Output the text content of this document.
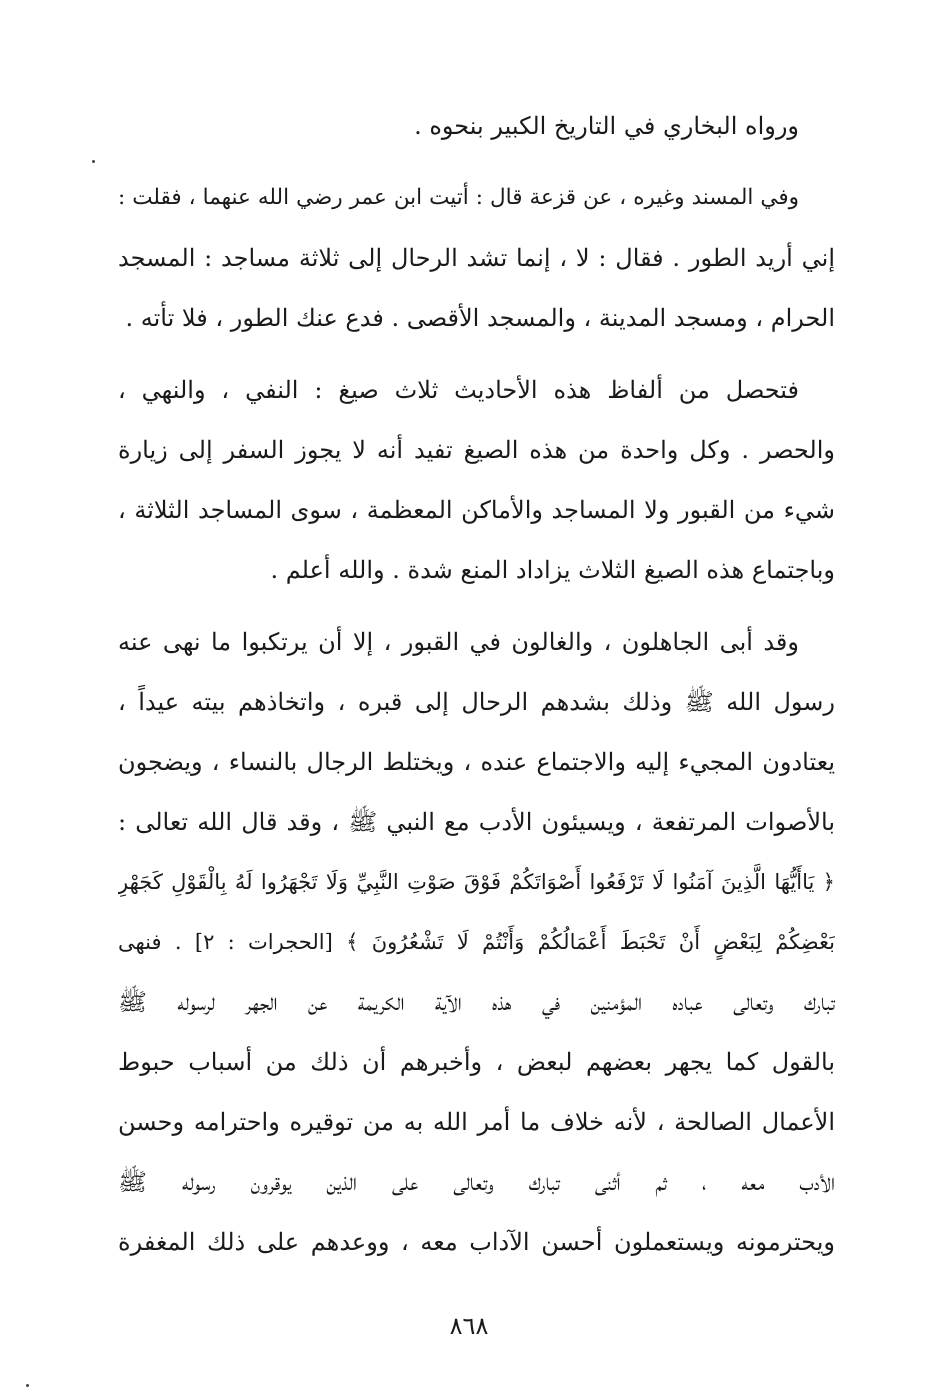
ورواه البخاري في التاريخ الكبير بنحوه .

وفي المسند وغيره ، عن قزعة قال : أتيت ابن عمر رضي الله عنهما ، فقلت :
إني أريد الطور . فقال : لا ، إنما تشد الرحال إلى ثلاثة مساجد : المسجد
الحرام ، ومسجد المدينة ، والمسجد الأقصى . فدع عنك الطور ، فلا تأته .

فتحصل من ألفاظ هذه الأحاديث ثلاث صيغ : النفي ، والنهي ،
والحصر . وكل واحدة من هذه الصيغ تفيد أنه لا يجوز السفر إلى زيارة
شيء من القبور ولا المساجد والأماكن المعظمة ، سوى المساجد الثلاثة ،
وباجتماع هذه الصيغ الثلاث يزاداد المنع شدة . والله أعلم .

وقد أبى الجاهلون ، والغالون في القبور ، إلا أن يرتكبوا ما نهى عنه
رسول الله ﷺ وذلك بشدهم الرحال إلى قبره ، واتخاذهم بيته عيداً ،
يعتادون المجيء إليه والاجتماع عنده ، ويختلط الرجال بالنساء ، ويضجون
بالأصوات المرتفعة ، ويسيئون الأدب مع النبي ﷺ ، وقد قال الله تعالى :
﴿ يَاأَيُّهَا الَّذِينَ آمَنُوا لَا تَرْفَعُوا أَصْوَاتَكُمْ فَوْقَ صَوْتِ النَّبِيِّ وَلَا تَجْهَرُوا لَهُ بِالْقَوْلِ كَجَهْرِ
بَعْضِكُمْ لِبَعْضٍ أَنْ تَحْبَطَ أَعْمَالُكُمْ وَأَنْتُمْ لَا تَشْعُرُونَ ﴾ [الحجرات : ٢] . فنهى
تبارك وتعالى عباده المؤمنين في هذه الآية الكريمة عن الجهر لرسوله ﷺ
بالقول كما يجهر بعضهم لبعض ، وأخبرهم أن ذلك من أسباب حبوط
الأعمال الصالحة ، لأنه خلاف ما أمر الله به من توقيره واحترامه وحسن
الأدب معه ، ثم أثنى تبارك وتعالى على الذين يوقرون رسوله ﷺ
ويحترمونه ويستعملون أحسن الآداب معه ، ووعدهم على ذلك المغفرة

٨٦٨
